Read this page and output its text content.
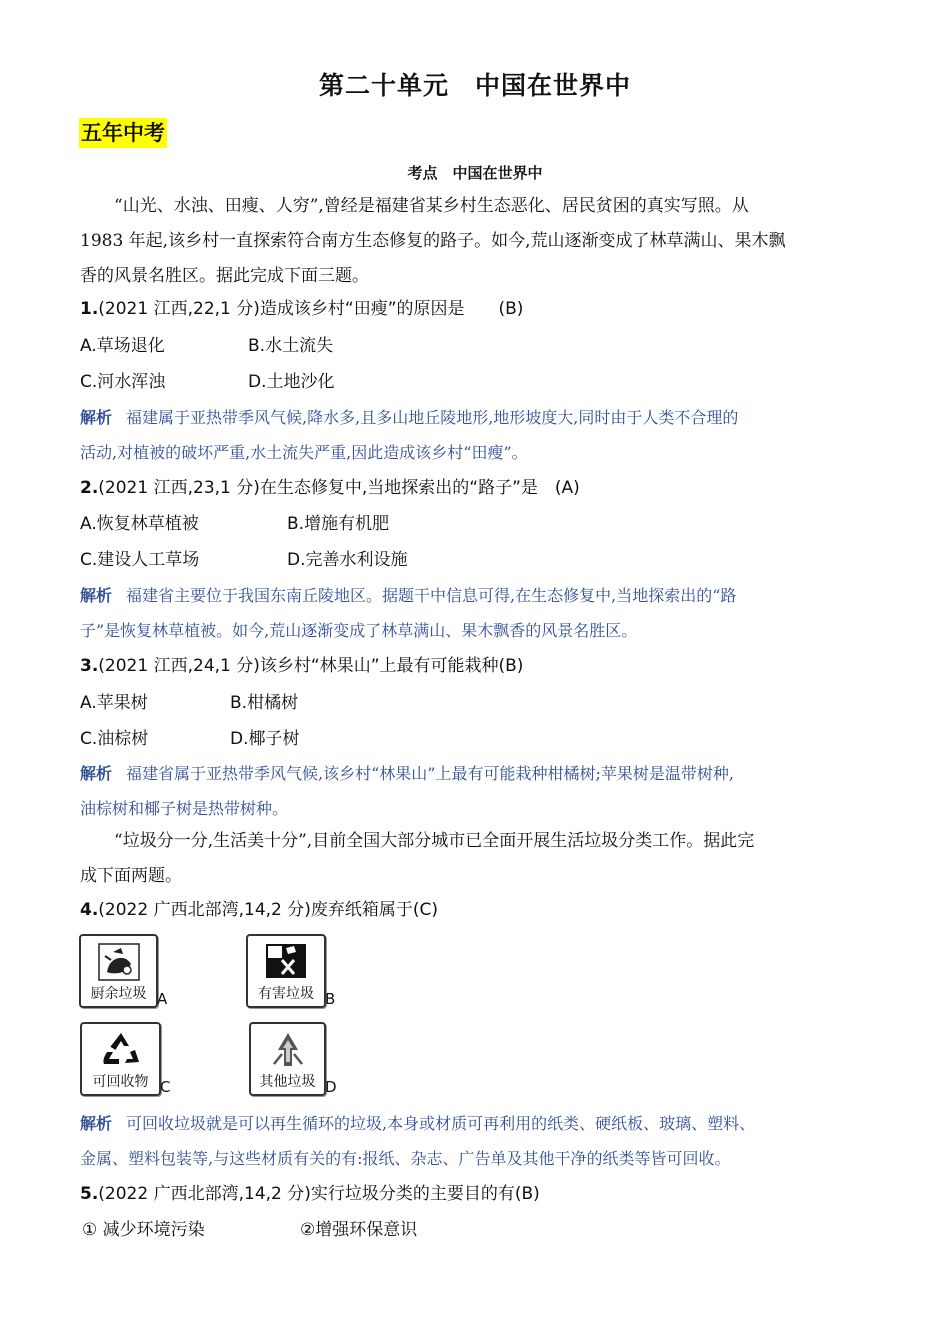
第二十单元　中国在世界中
五年中考
考点　中国在世界中
“山光、水浊、田瘦、人穷”,曾经是福建省某乡村生态恶化、居民贫困的真实写照。从
1983 年起,该乡村一直探索符合南方生态修复的路子。如今,荒山逐渐变成了林草满山、果木飘
香的风景名胜区。据此完成下面三题。
1.(2021 江西,22,1 分)造成该乡村“田瘦”的原因是　　(B)
A.草场退化	B.水土流失
C.河水浑浊	D.土地沙化
解析 福建属于亚热带季风气候,降水多,且多山地丘陵地形,地形坡度大,同时由于人类不合理的
活动,对植被的破坏严重,水土流失严重,因此造成该乡村“田瘦”。
2.(2021 江西,23,1 分)在生态修复中,当地探索出的“路子”是　(A)
A.恢复林草植被	B.增施有机肥
C.建设人工草场	D.完善水利设施
解析 福建省主要位于我国东南丘陵地区。据题干中信息可得,在生态修复中,当地探索出的“路
子”是恢复林草植被。如今,荒山逐渐变成了林草满山、果木飘香的风景名胜区。
3.(2021 江西,24,1 分)该乡村“林果山”上最有可能栽种(B)
A.苹果树	B.柑橘树
C.油棕树	D.椰子树
解析 福建省属于亚热带季风气候,该乡村“林果山”上最有可能栽种柑橘树;苹果树是温带树种,
油棕树和椰子树是热带树种。
“垃圾分一分,生活美十分”,目前全国大部分城市已全面开展生活垃圾分类工作。据此完
成下面两题。
4.(2022 广西北部湾,14,2 分)废弃纸箱属于(C)
厨余垃圾 A	有害垃圾 B
可回收物 C	其他垃圾 D
解析 可回收垃圾就是可以再生循环的垃圾,本身或材质可再利用的纸类、硬纸板、玻璃、塑料、
金属、塑料包装等,与这些材质有关的有:报纸、杂志、广告单及其他干净的纸类等皆可回收。
5.(2022 广西北部湾,14,2 分)实行垃圾分类的主要目的有(B)
① 减少环境污染	②增强环保意识
